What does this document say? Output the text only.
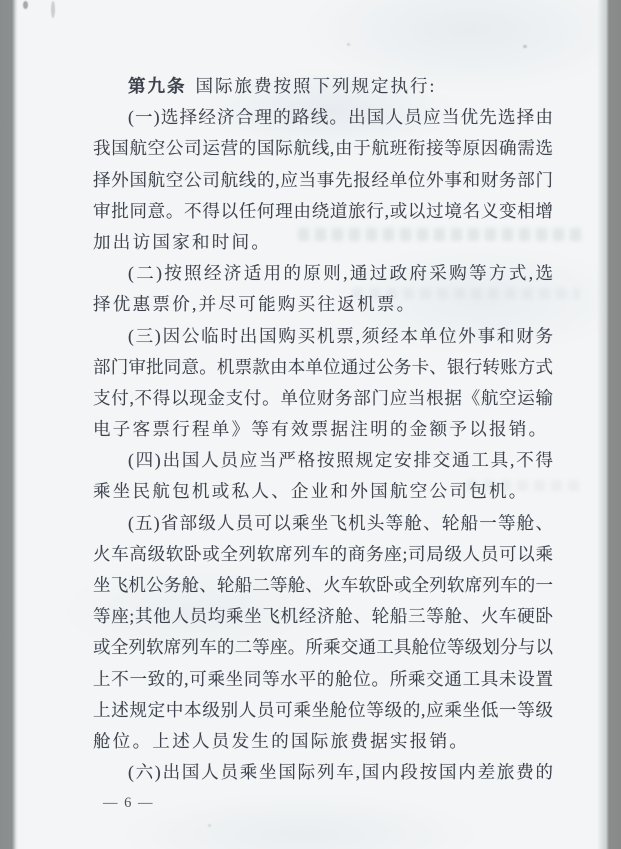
第九条 国际旅费按照下列规定执行:
(一)选择经济合理的路线。出国人员应当优先选择由
我国航空公司运营的国际航线,由于航班衔接等原因确需选
择外国航空公司航线的,应当事先报经单位外事和财务部门
审批同意。不得以任何理由绕道旅行,或以过境名义变相增
加出访国家和时间。
(二)按照经济适用的原则,通过政府采购等方式,选
择优惠票价,并尽可能购买往返机票。
(三)因公临时出国购买机票,须经本单位外事和财务
部门审批同意。机票款由本单位通过公务卡、银行转账方式
支付,不得以现金支付。单位财务部门应当根据《航空运输
电子客票行程单》等有效票据注明的金额予以报销。
(四)出国人员应当严格按照规定安排交通工具,不得
乘坐民航包机或私人、企业和外国航空公司包机。
(五)省部级人员可以乘坐飞机头等舱、轮船一等舱、
火车高级软卧或全列软席列车的商务座;司局级人员可以乘
坐飞机公务舱、轮船二等舱、火车软卧或全列软席列车的一
等座;其他人员均乘坐飞机经济舱、轮船三等舱、火车硬卧
或全列软席列车的二等座。所乘交通工具舱位等级划分与以
上不一致的,可乘坐同等水平的舱位。所乘交通工具未设置
上述规定中本级别人员可乘坐舱位等级的,应乘坐低一等级
舱位。上述人员发生的国际旅费据实报销。
(六)出国人员乘坐国际列车,国内段按国内差旅费的
— 6 —
